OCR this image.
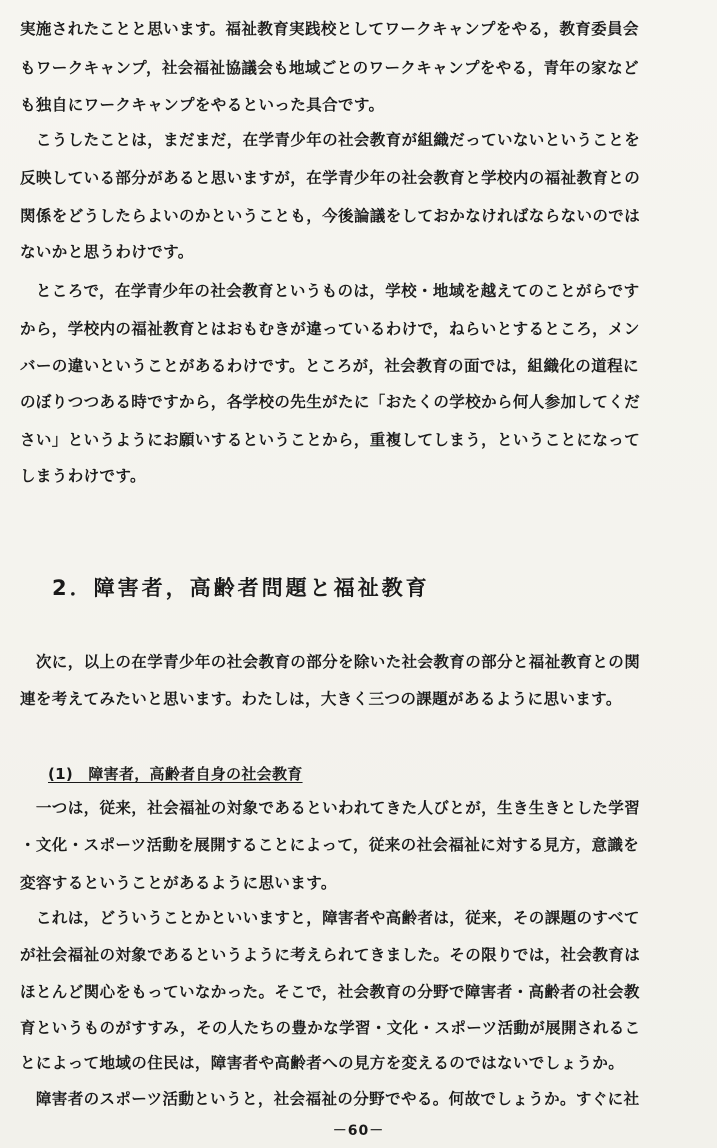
実施されたことと思います。福祉教育実践校としてワークキャンプをやる，教育委員会
もワークキャンプ，社会福祉協議会も地域ごとのワークキャンプをやる，青年の家など
も独自にワークキャンプをやるといった具合です。
　こうしたことは，まだまだ，在学青少年の社会教育が組織だっていないということを
反映している部分があると思いますが，在学青少年の社会教育と学校内の福祉教育との
関係をどうしたらよいのかということも，今後論議をしておかなければならないのでは
ないかと思うわけです。
　ところで，在学青少年の社会教育というものは，学校・地域を越えてのことがらです
から，学校内の福祉教育とはおもむきが違っているわけで，ねらいとするところ，メン
バーの違いということがあるわけです。ところが，社会教育の面では，組織化の道程に
のぼりつつある時ですから，各学校の先生がたに「おたくの学校から何人参加してくだ
さい」というようにお願いするということから，重複してしまう，ということになって
しまうわけです。
2．障害者，高齢者問題と福祉教育
　次に，以上の在学青少年の社会教育の部分を除いた社会教育の部分と福祉教育との関
連を考えてみたいと思います。わたしは，大きく三つの課題があるように思います。
(1)　障害者，高齢者自身の社会教育
　一つは，従来，社会福祉の対象であるといわれてきた人びとが，生き生きとした学習
・文化・スポーツ活動を展開することによって，従来の社会福祉に対する見方，意識を
変容するということがあるように思います。
　これは，どういうことかといいますと，障害者や高齢者は，従来，その課題のすべて
が社会福祉の対象であるというように考えられてきました。その限りでは，社会教育は
ほとんど関心をもっていなかった。そこで，社会教育の分野で障害者・高齢者の社会教
育というものがすすみ，その人たちの豊かな学習・文化・スポーツ活動が展開されるこ
とによって地域の住民は，障害者や高齢者への見方を変えるのではないでしょうか。
　障害者のスポーツ活動というと，社会福祉の分野でやる。何故でしょうか。すぐに社
－60－
